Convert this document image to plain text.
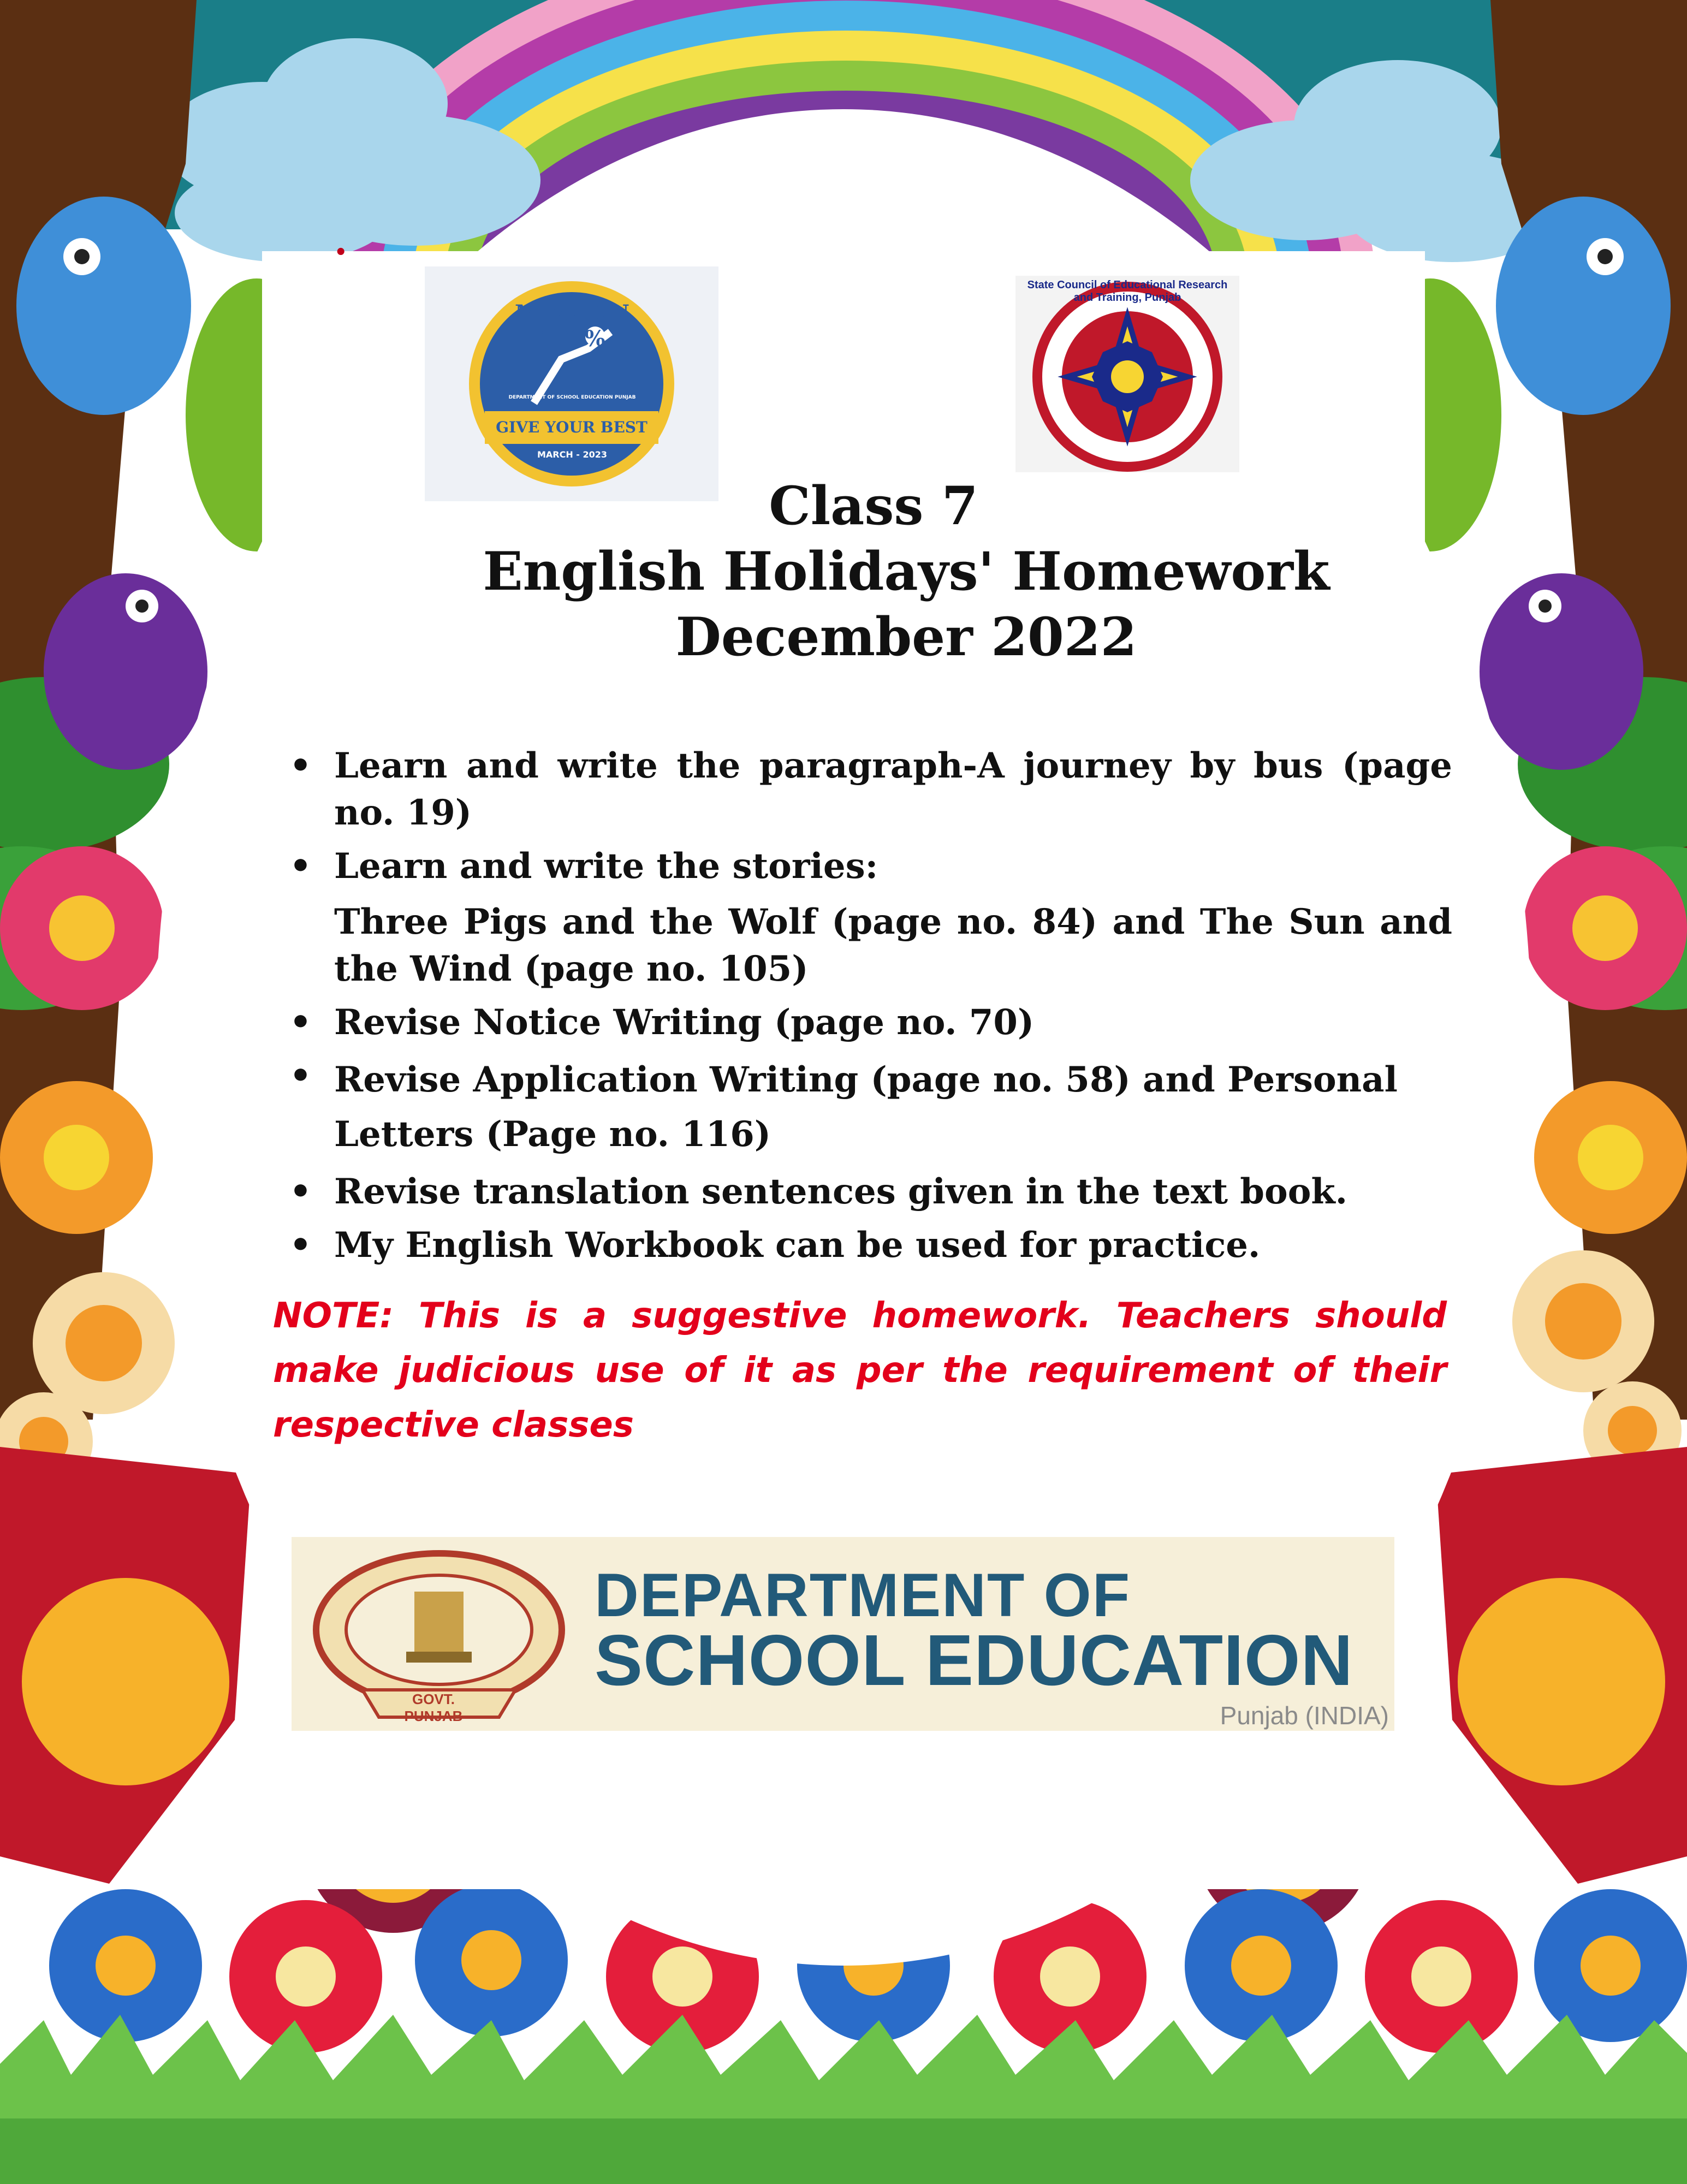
.
MISSION 100%
DEPARTMENT OF SCHOOL EDUCATION PUNJAB
GIVE YOUR BEST
MARCH - 2023
State Council of Educational Research and Training, Punjab
Class 7
English Holidays' Homework
December 2022
• Learn and write the paragraph-A journey by bus (page no. 19)
• Learn and write the stories:
Three Pigs and the Wolf (page no. 84) and The Sun and the Wind (page no. 105)
• Revise Notice Writing (page no. 70)
• Revise Application Writing (page no. 58) and Personal Letters (Page no. 116)
• Revise translation sentences given in the text book.
• My English Workbook can be used for practice.
NOTE: This is a suggestive homework. Teachers should make judicious use of it as per the requirement of their respective classes
GOVT. PUNJAB
DEPARTMENT OF
SCHOOL EDUCATION
Punjab (INDIA)
